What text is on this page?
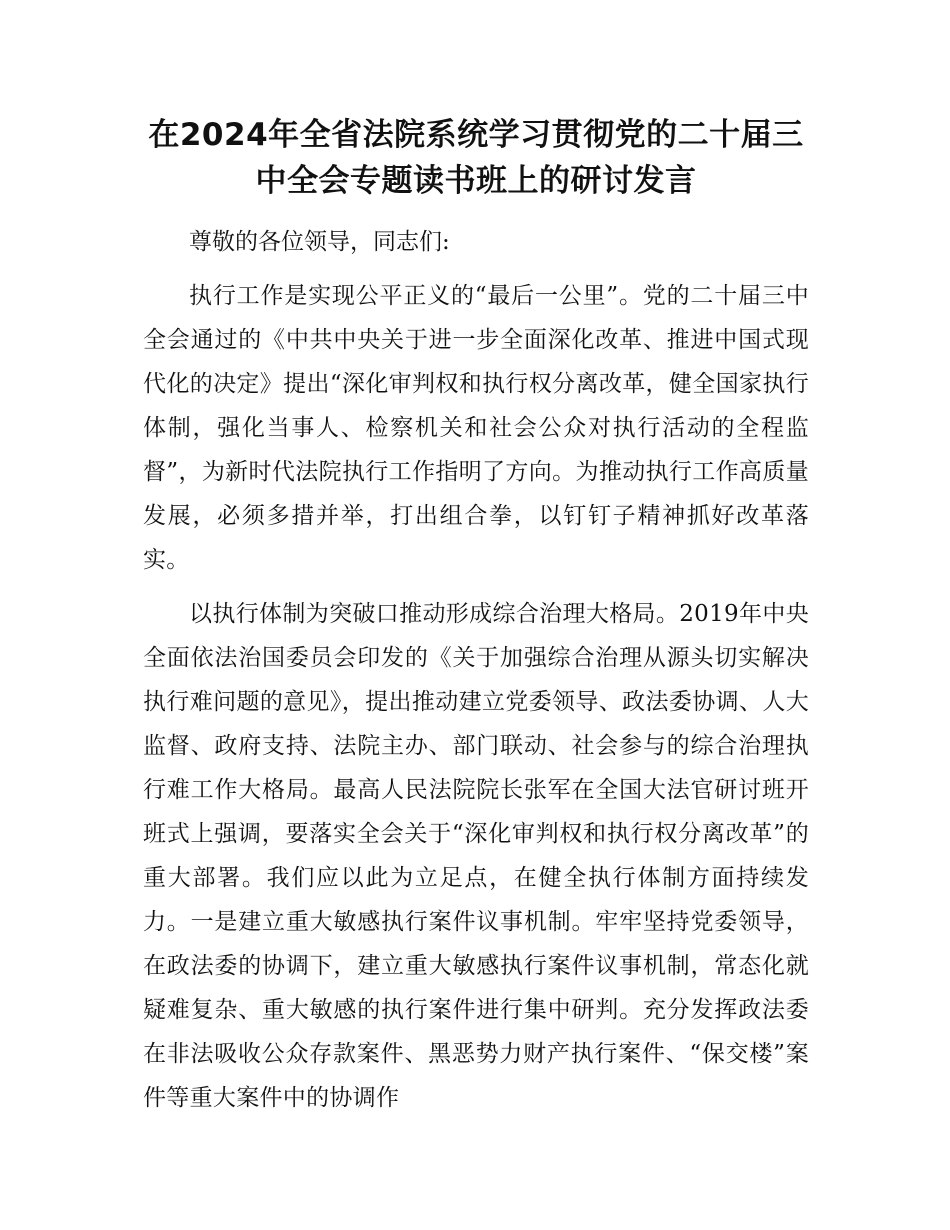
在2024年全省法院系统学习贯彻党的二十届三
中全会专题读书班上的研讨发言

尊敬的各位领导，同志们:

执行工作是实现公平正义的“最后一公里”。党的二十届三中全会通过的《中共中央关于进一步全面深化改革、推进中国式现代化的决定》提出“深化审判权和执行权分离改革，健全国家执行体制，强化当事人、检察机关和社会公众对执行活动的全程监督”，为新时代法院执行工作指明了方向。为推动执行工作高质量发展，必须多措并举，打出组合拳，以钉钉子精神抓好改革落实。

以执行体制为突破口推动形成综合治理大格局。2019年中央全面依法治国委员会印发的《关于加强综合治理从源头切实解决执行难问题的意见》，提出推动建立党委领导、政法委协调、人大监督、政府支持、法院主办、部门联动、社会参与的综合治理执行难工作大格局。最高人民法院院长张军在全国大法官研讨班开班式上强调，要落实全会关于“深化审判权和执行权分离改革”的重大部署。我们应以此为立足点，在健全执行体制方面持续发力。一是建立重大敏感执行案件议事机制。牢牢坚持党委领导，在政法委的协调下，建立重大敏感执行案件议事机制，常态化就疑难复杂、重大敏感的执行案件进行集中研判。充分发挥政法委在非法吸收公众存款案件、黑恶势力财产执行案件、“保交楼”案件等重大案件中的协调作
